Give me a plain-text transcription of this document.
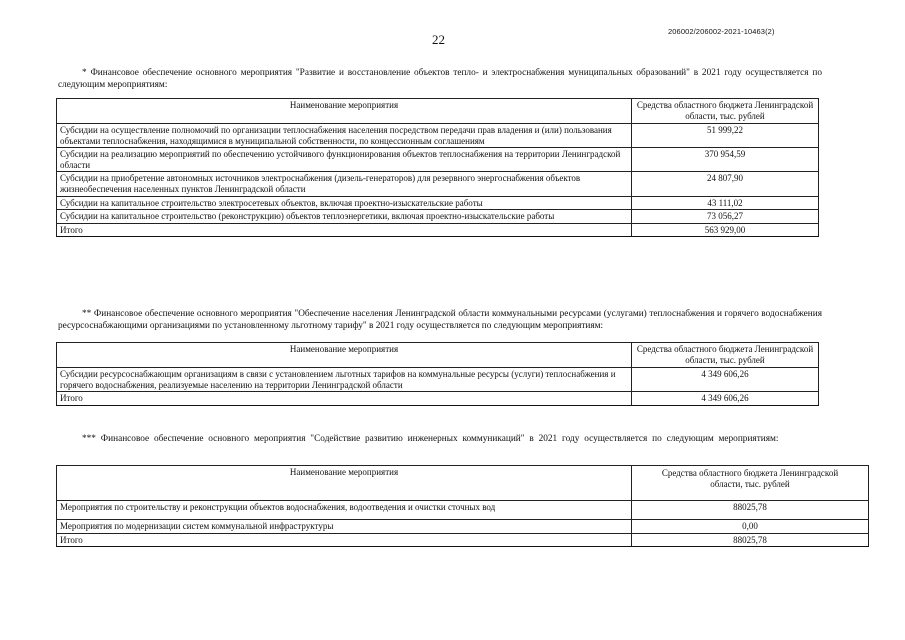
22
206002/206002-2021-10463(2)
* Финансовое обеспечение основного мероприятия "Развитие и восстановление объектов тепло- и электроснабжения муниципальных образований" в 2021 году осуществляется по следующим мероприятиям:
Наименование мероприятия	Средства областного бюджета Ленинградской области, тыс. рублей
Субсидии на осуществление полномочий по организации теплоснабжения населения посредством передачи прав владения и (или) пользования объектами теплоснабжения, находящимися в муниципальной собственности, по концессионным соглашениям	51 999,22
Субсидии на реализацию мероприятий по обеспечению устойчивого функционирования объектов теплоснабжения на территории Ленинградской области	370 954,59
Субсидии на приобретение автономных источников электроснабжения (дизель-генераторов) для резервного энергоснабжения объектов жизнеобеспечения населенных пунктов Ленинградской области	24 807,90
Субсидии на капитальное строительство электросетевых объектов, включая проектно-изыскательские работы	43 111,02
Субсидии на капитальное строительство (реконструкцию) объектов теплоэнергетики, включая проектно-изыскательские работы	73 056,27
Итого	563 929,00
** Финансовое обеспечение основного мероприятия "Обеспечение населения Ленинградской области коммунальными ресурсами (услугами) теплоснабжения и горячего водоснабжения ресурсоснабжающими организациями по установленному льготному тарифу" в 2021 году осуществляется по следующим мероприятиям:
Наименование мероприятия	Средства областного бюджета Ленинградской области, тыс. рублей
Субсидии ресурсоснабжающим организациям в связи с установлением льготных тарифов на коммунальные ресурсы (услуги) теплоснабжения и горячего водоснабжения, реализуемые населению на территории Ленинградской области	4 349 606,26
Итого	4 349 606,26
*** Финансовое обеспечение основного мероприятия "Содействие развитию инженерных коммуникаций" в 2021 году осуществляется по следующим мероприятиям:
Наименование мероприятия	Средства областного бюджета Ленинградской области, тыс. рублей
Мероприятия по строительству и реконструкции объектов водоснабжения, водоотведения и очистки сточных вод	88025,78
Мероприятия по модернизации систем коммунальной инфраструктуры	0,00
Итого	88025,78
